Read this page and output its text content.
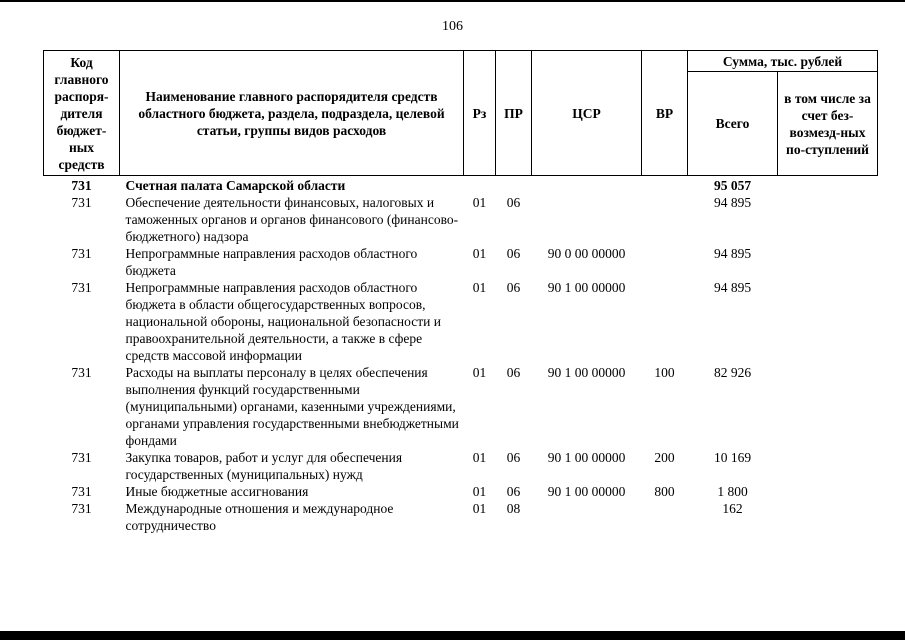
106
Код главного распоря-дителя бюджет-ных средств	Наименование главного распорядителя средств областного бюджета, раздела, подраздела, целевой статьи, группы видов расходов	Рз	ПР	ЦСР	ВР	Сумма, тыс. рублей	
						Всего	в том числе за счет без-возмезд-ных по-ступлений
731	Счетная палата Самарской области					95 057	
731	Обеспечение деятельности финансовых, налоговых и таможенных органов и органов финансового (финансово-бюджетного) надзора	01	06			94 895	
731	Непрограммные направления расходов областного бюджета	01	06	90 0 00 00000		94 895	
731	Непрограммные направления расходов областного бюджета в области общегосударственных вопросов, национальной обороны, национальной безопасности и правоохранительной деятельности, а также в сфере средств массовой информации	01	06	90 1 00 00000		94 895	
731	Расходы на выплаты персоналу в целях обеспечения выполнения функций государственными (муниципальными) органами, казенными учреждениями, органами управления государственными внебюджетными фондами	01	06	90 1 00 00000	100	82 926	
731	Закупка товаров, работ и услуг для обеспечения государственных (муниципальных) нужд	01	06	90 1 00 00000	200	10 169	
731	Иные бюджетные ассигнования	01	06	90 1 00 00000	800	1 800	
731	Международные отношения и международное сотрудничество	01	08			162	
